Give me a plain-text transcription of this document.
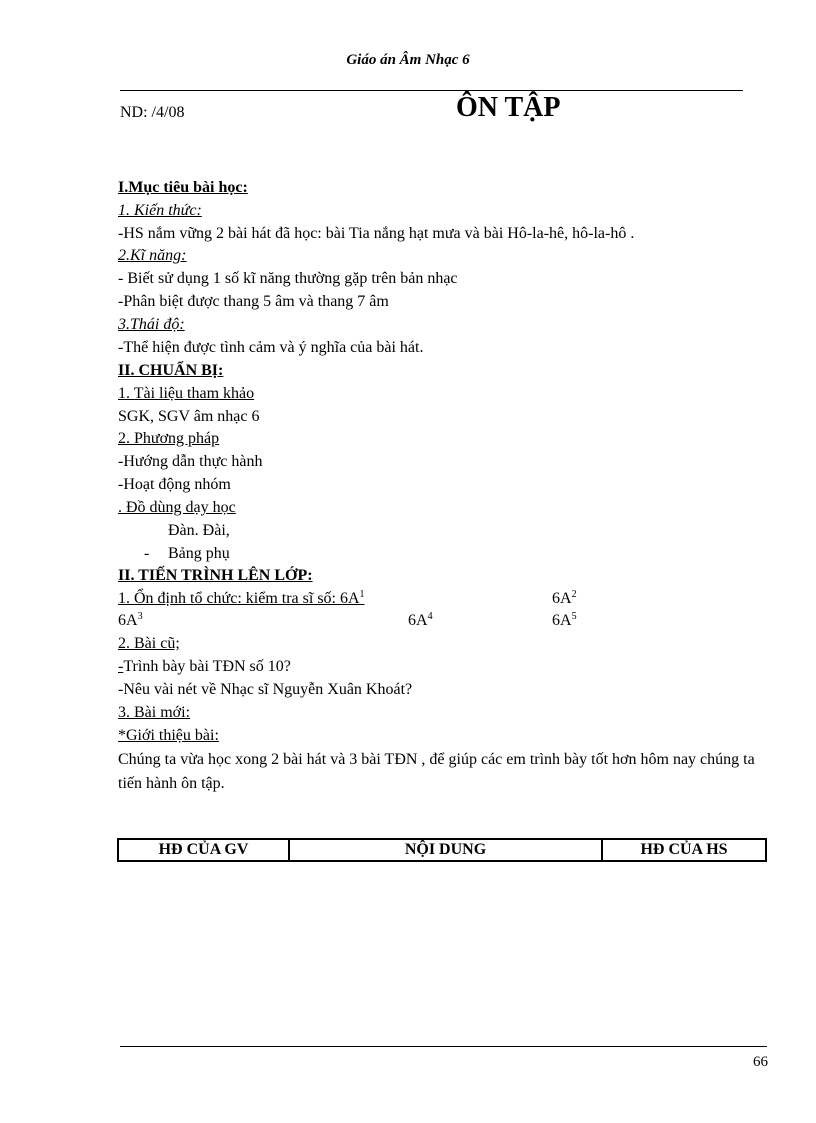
Giáo án Âm Nhạc 6
ND: /4/08	ÔN TẬP
I.Mục tiêu bài học:
1. Kiến thức:
-HS nắm vững 2 bài hát đã học: bài Tia nắng hạt mưa và bài Hô-la-hê, hô-la-hô .
2.Kĩ năng:
- Biết sử dụng 1 số kĩ năng thường gặp trên bản nhạc
-Phân biệt được thang 5 âm và thang 7 âm
3.Thái độ:
-Thể hiện được tình cảm và ý nghĩa của bài hát.
II. CHUẨN BỊ:
1. Tài liệu tham khảo
SGK, SGV âm nhạc 6
2. Phương pháp
-Hướng dẫn thực hành
-Hoạt động nhóm
. Đồ dùng dạy học
Đàn. Đài,
- Bảng phụ
II. TIẾN TRÌNH LÊN LỚP:
1. Ổn định tổ chức: kiểm tra sĩ số: $6A^1$	$6A^2$
$6A^3$	$6A^4$	$6A^5$
2. Bài cũ;
-Trình bày bài TĐN số 10?
-Nêu vài nét về Nhạc sĩ Nguyễn Xuân Khoát?
3. Bài mới:
*Giới thiệu bài:
Chúng ta vừa học xong 2 bài hát và 3 bài TĐN , để giúp các em trình bày tốt hơn hôm nay chúng ta tiến hành ôn tập.
HĐ CỦA GV	NỘI DUNG	HĐ CỦA HS
66
